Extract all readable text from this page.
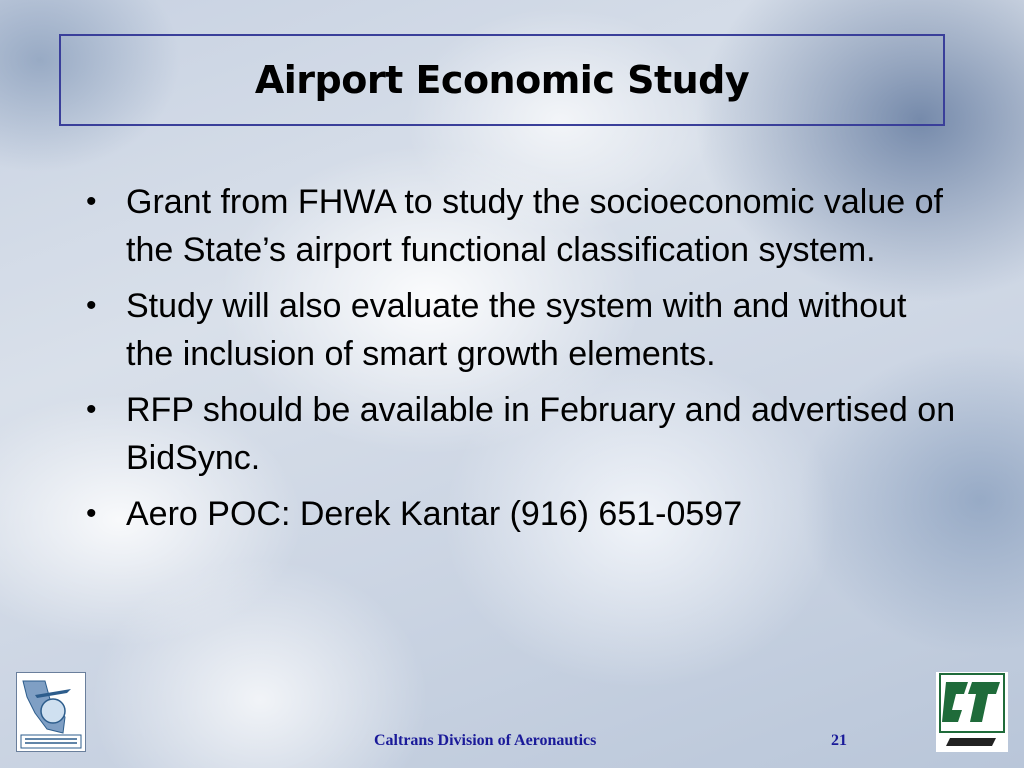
Airport Economic Study
• Grant from FHWA to study the socioeconomic value of the State’s airport functional classification system.
• Study will also evaluate the system with and without the inclusion of smart growth elements.
• RFP should be available in February and advertised on BidSync.
• Aero POC: Derek Kantar (916) 651-0597
Caltrans Division of Aeronautics	21
